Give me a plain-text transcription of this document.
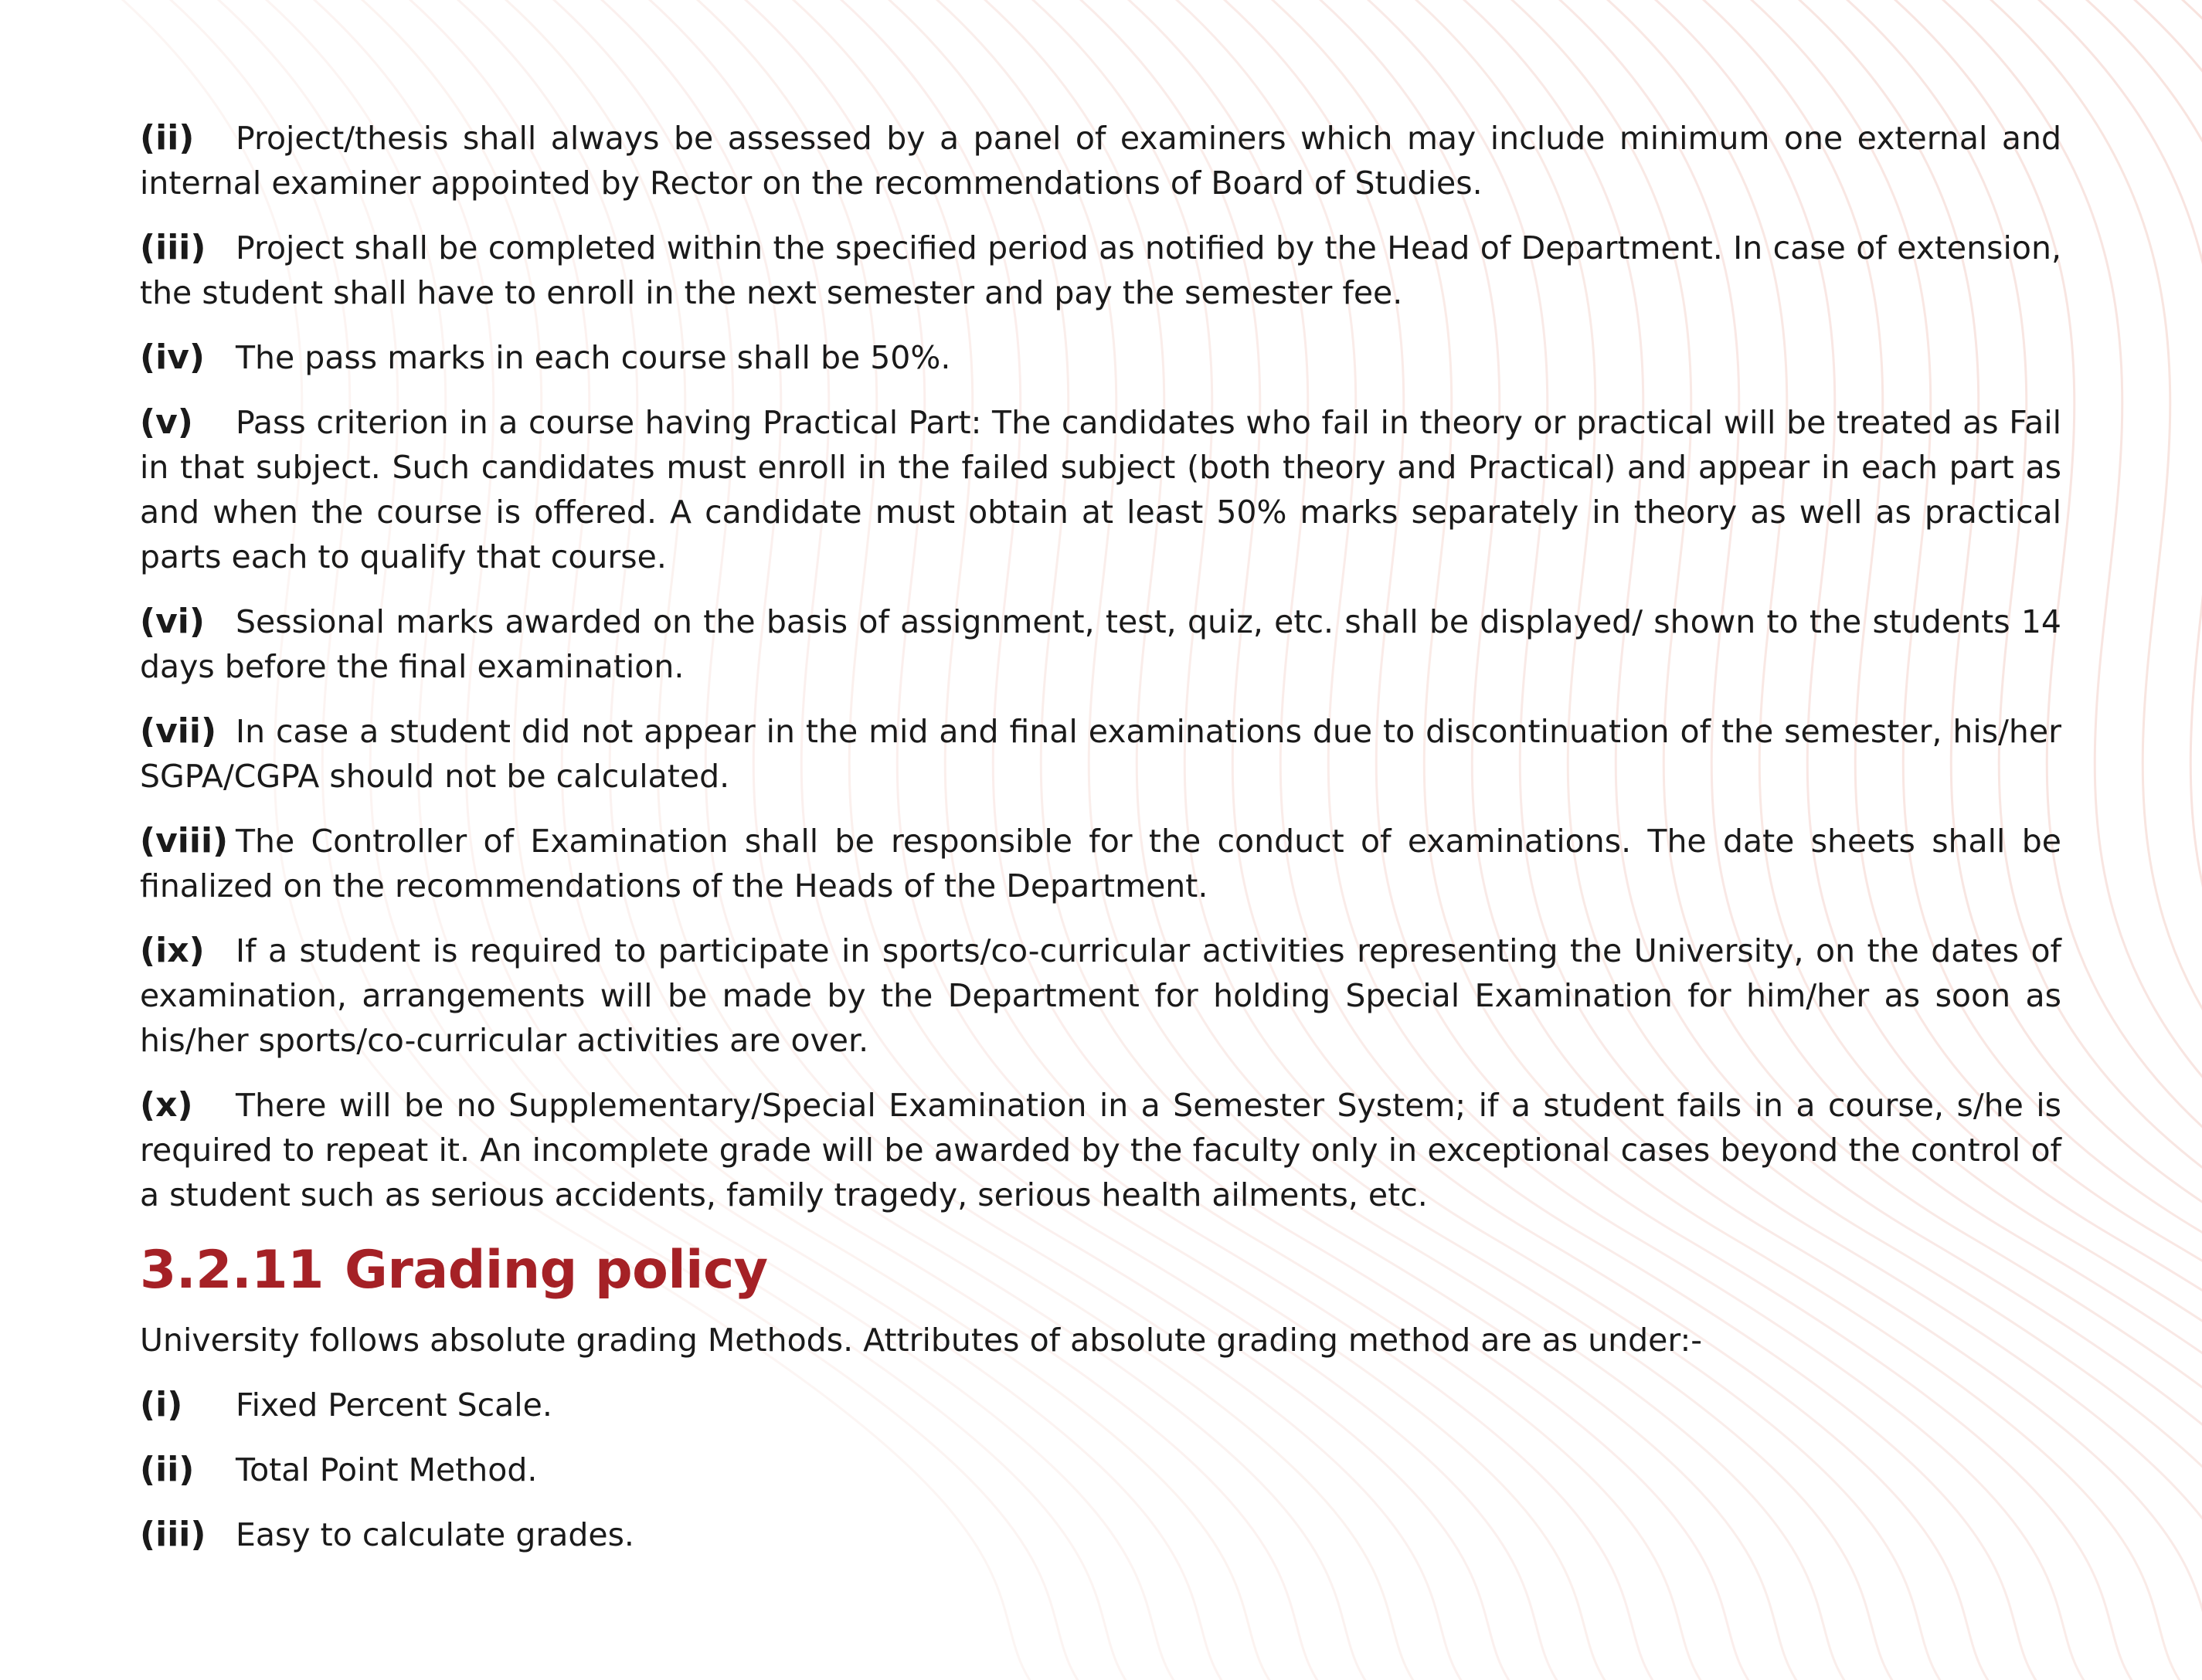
(ii) Project/thesis shall always be assessed by a panel of examiners which may include minimum one external and internal examiner appointed by Rector on the recommendations of Board of Studies.

(iii) Project shall be completed within the specified period as notified by the Head of Department. In case of extension, the student shall have to enroll in the next semester and pay the semester fee.

(iv) The pass marks in each course shall be 50%.

(v) Pass criterion in a course having Practical Part: The candidates who fail in theory or practical will be treated as Fail in that subject. Such candidates must enroll in the failed subject (both theory and Practical) and appear in each part as and when the course is offered. A candidate must obtain at least 50% marks separately in theory as well as practical parts each to qualify that course.

(vi) Sessional marks awarded on the basis of assignment, test, quiz, etc. shall be displayed/ shown to the students 14 days before the final examination.

(vii) In case a student did not appear in the mid and final examinations due to discontinuation of the semester, his/her SGPA/CGPA should not be calculated.

(viii) The Controller of Examination shall be responsible for the conduct of examinations. The date sheets shall be finalized on the recommendations of the Heads of the Department.

(ix) If a student is required to participate in sports/co-curricular activities representing the University, on the dates of examination, arrangements will be made by the Department for holding Special Examination for him/her as soon as his/her sports/co-curricular activities are over.

(x) There will be no Supplementary/Special Examination in a Semester System; if a student fails in a course, s/he is required to repeat it. An incomplete grade will be awarded by the faculty only in exceptional cases beyond the control of a student such as serious accidents, family tragedy, serious health ailments, etc.

3.2.11 Grading policy

University follows absolute grading Methods. Attributes of absolute grading method are as under:-

(i) Fixed Percent Scale.

(ii) Total Point Method.

(iii) Easy to calculate grades.
